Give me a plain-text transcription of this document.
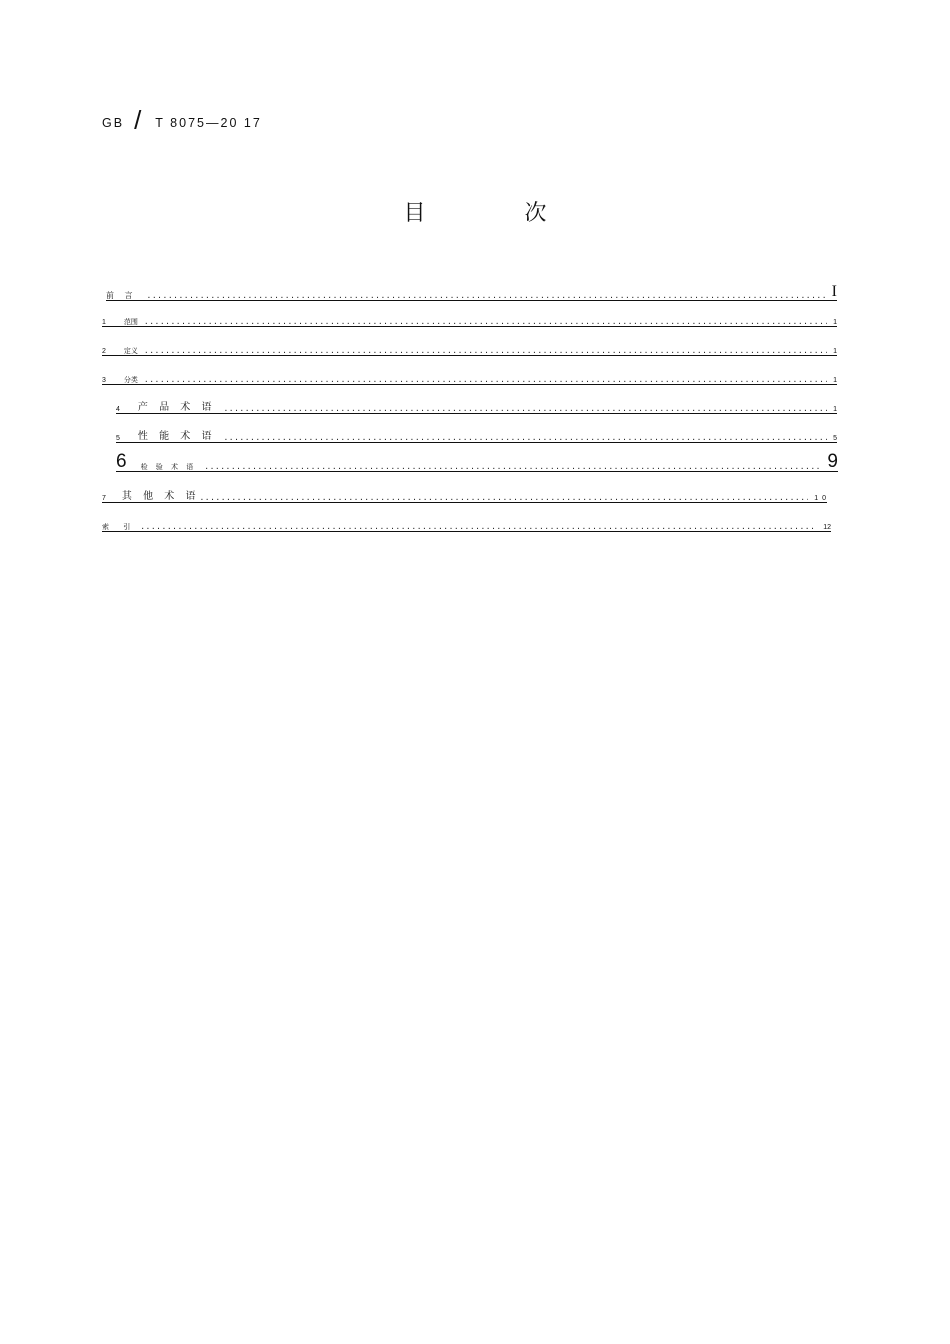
GB / T 8075—20 17
目 次
前 言 .....	I
1	范围 .....	1
2	定义 .....	1
3	分类 .....	1
4	产 品 术 语 .....	1
5	性 能 术 语 .....	5
6	检 验 术 语 .....	9
7	其 他 术 语 .....	1 0
索 引 .....	12
